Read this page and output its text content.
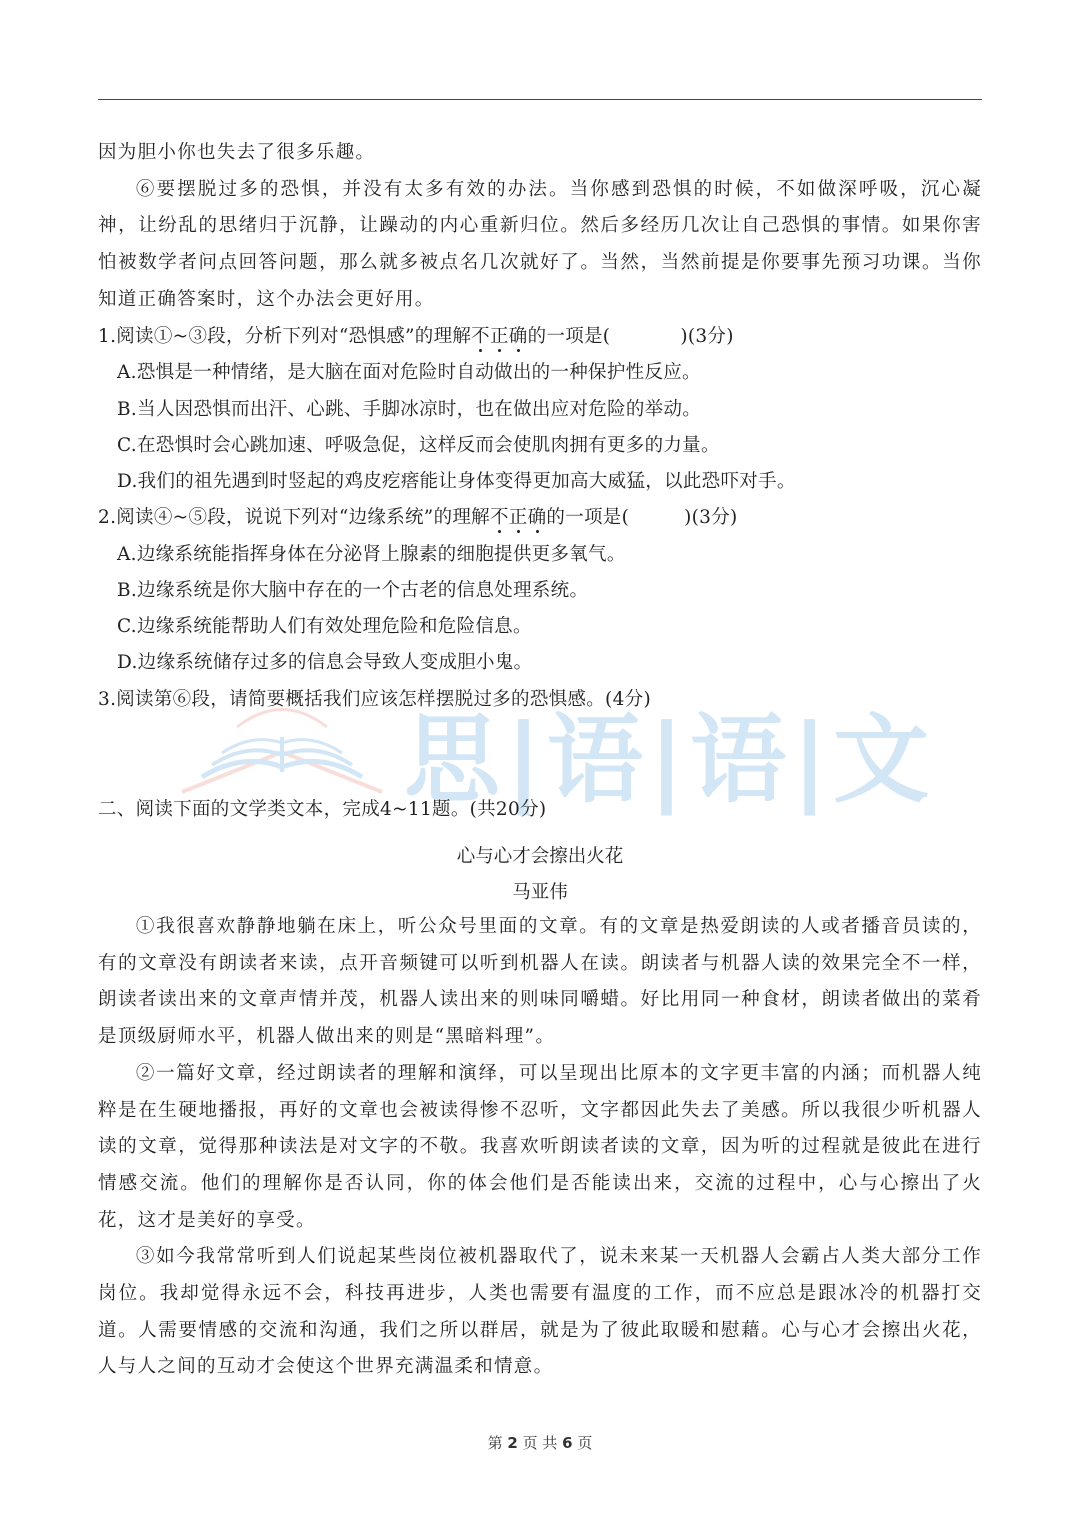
因为胆小你也失去了很多乐趣。
⑥要摆脱过多的恐惧，并没有太多有效的办法。当你感到恐惧的时候，不如做深呼吸，沉心凝神，让纷乱的思绪归于沉静，让躁动的内心重新归位。然后多经历几次让自己恐惧的事情。如果你害怕被数学者问点回答问题，那么就多被点名几次就好了。当然，当然前提是你要事先预习功课。当你知道正确答案时，这个办法会更好用。
1.阅读①~③段，分析下列对“恐惧感”的理解不正确的一项是(	)(3分)
A.恐惧是一种情绪，是大脑在面对危险时自动做出的一种保护性反应。
B.当人因恐惧而出汗、心跳、手脚冰凉时，也在做出应对危险的举动。
C.在恐惧时会心跳加速、呼吸急促，这样反而会使肌肉拥有更多的力量。
D.我们的祖先遇到时竖起的鸡皮疙瘩能让身体变得更加高大威猛，以此恐吓对手。
2.阅读④~⑤段，说说下列对“边缘系统”的理解不正确的一项是(	)(3分)
A.边缘系统能指挥身体在分泌肾上腺素的细胞提供更多氧气。
B.边缘系统是你大脑中存在的一个古老的信息处理系统。
C.边缘系统能帮助人们有效处理危险和危险信息。
D.边缘系统储存过多的信息会导致人变成胆小鬼。
3.阅读第⑥段，请简要概括我们应该怎样摆脱过多的恐惧感。(4分)
思|语|语|文
二、阅读下面的文学类文本，完成4~11题。(共20分)
心与心才会擦出火花
马亚伟
①我很喜欢静静地躺在床上，听公众号里面的文章。有的文章是热爱朗读的人或者播音员读的，有的文章没有朗读者来读，点开音频键可以听到机器人在读。朗读者与机器人读的效果完全不一样，朗读者读出来的文章声情并茂，机器人读出来的则味同嚼蜡。好比用同一种食材，朗读者做出的菜肴是顶级厨师水平，机器人做出来的则是“黑暗料理”。
②一篇好文章，经过朗读者的理解和演绎，可以呈现出比原本的文字更丰富的内涵；而机器人纯粹是在生硬地播报，再好的文章也会被读得惨不忍听，文字都因此失去了美感。所以我很少听机器人读的文章，觉得那种读法是对文字的不敬。我喜欢听朗读者读的文章，因为听的过程就是彼此在进行情感交流。他们的理解你是否认同，你的体会他们是否能读出来，交流的过程中，心与心擦出了火花，这才是美好的享受。
③如今我常常听到人们说起某些岗位被机器取代了，说未来某一天机器人会霸占人类大部分工作岗位。我却觉得永远不会，科技再进步，人类也需要有温度的工作，而不应总是跟冰冷的机器打交道。人需要情感的交流和沟通，我们之所以群居，就是为了彼此取暖和慰藉。心与心才会擦出火花，人与人之间的互动才会使这个世界充满温柔和情意。
第 2 页 共 6 页
